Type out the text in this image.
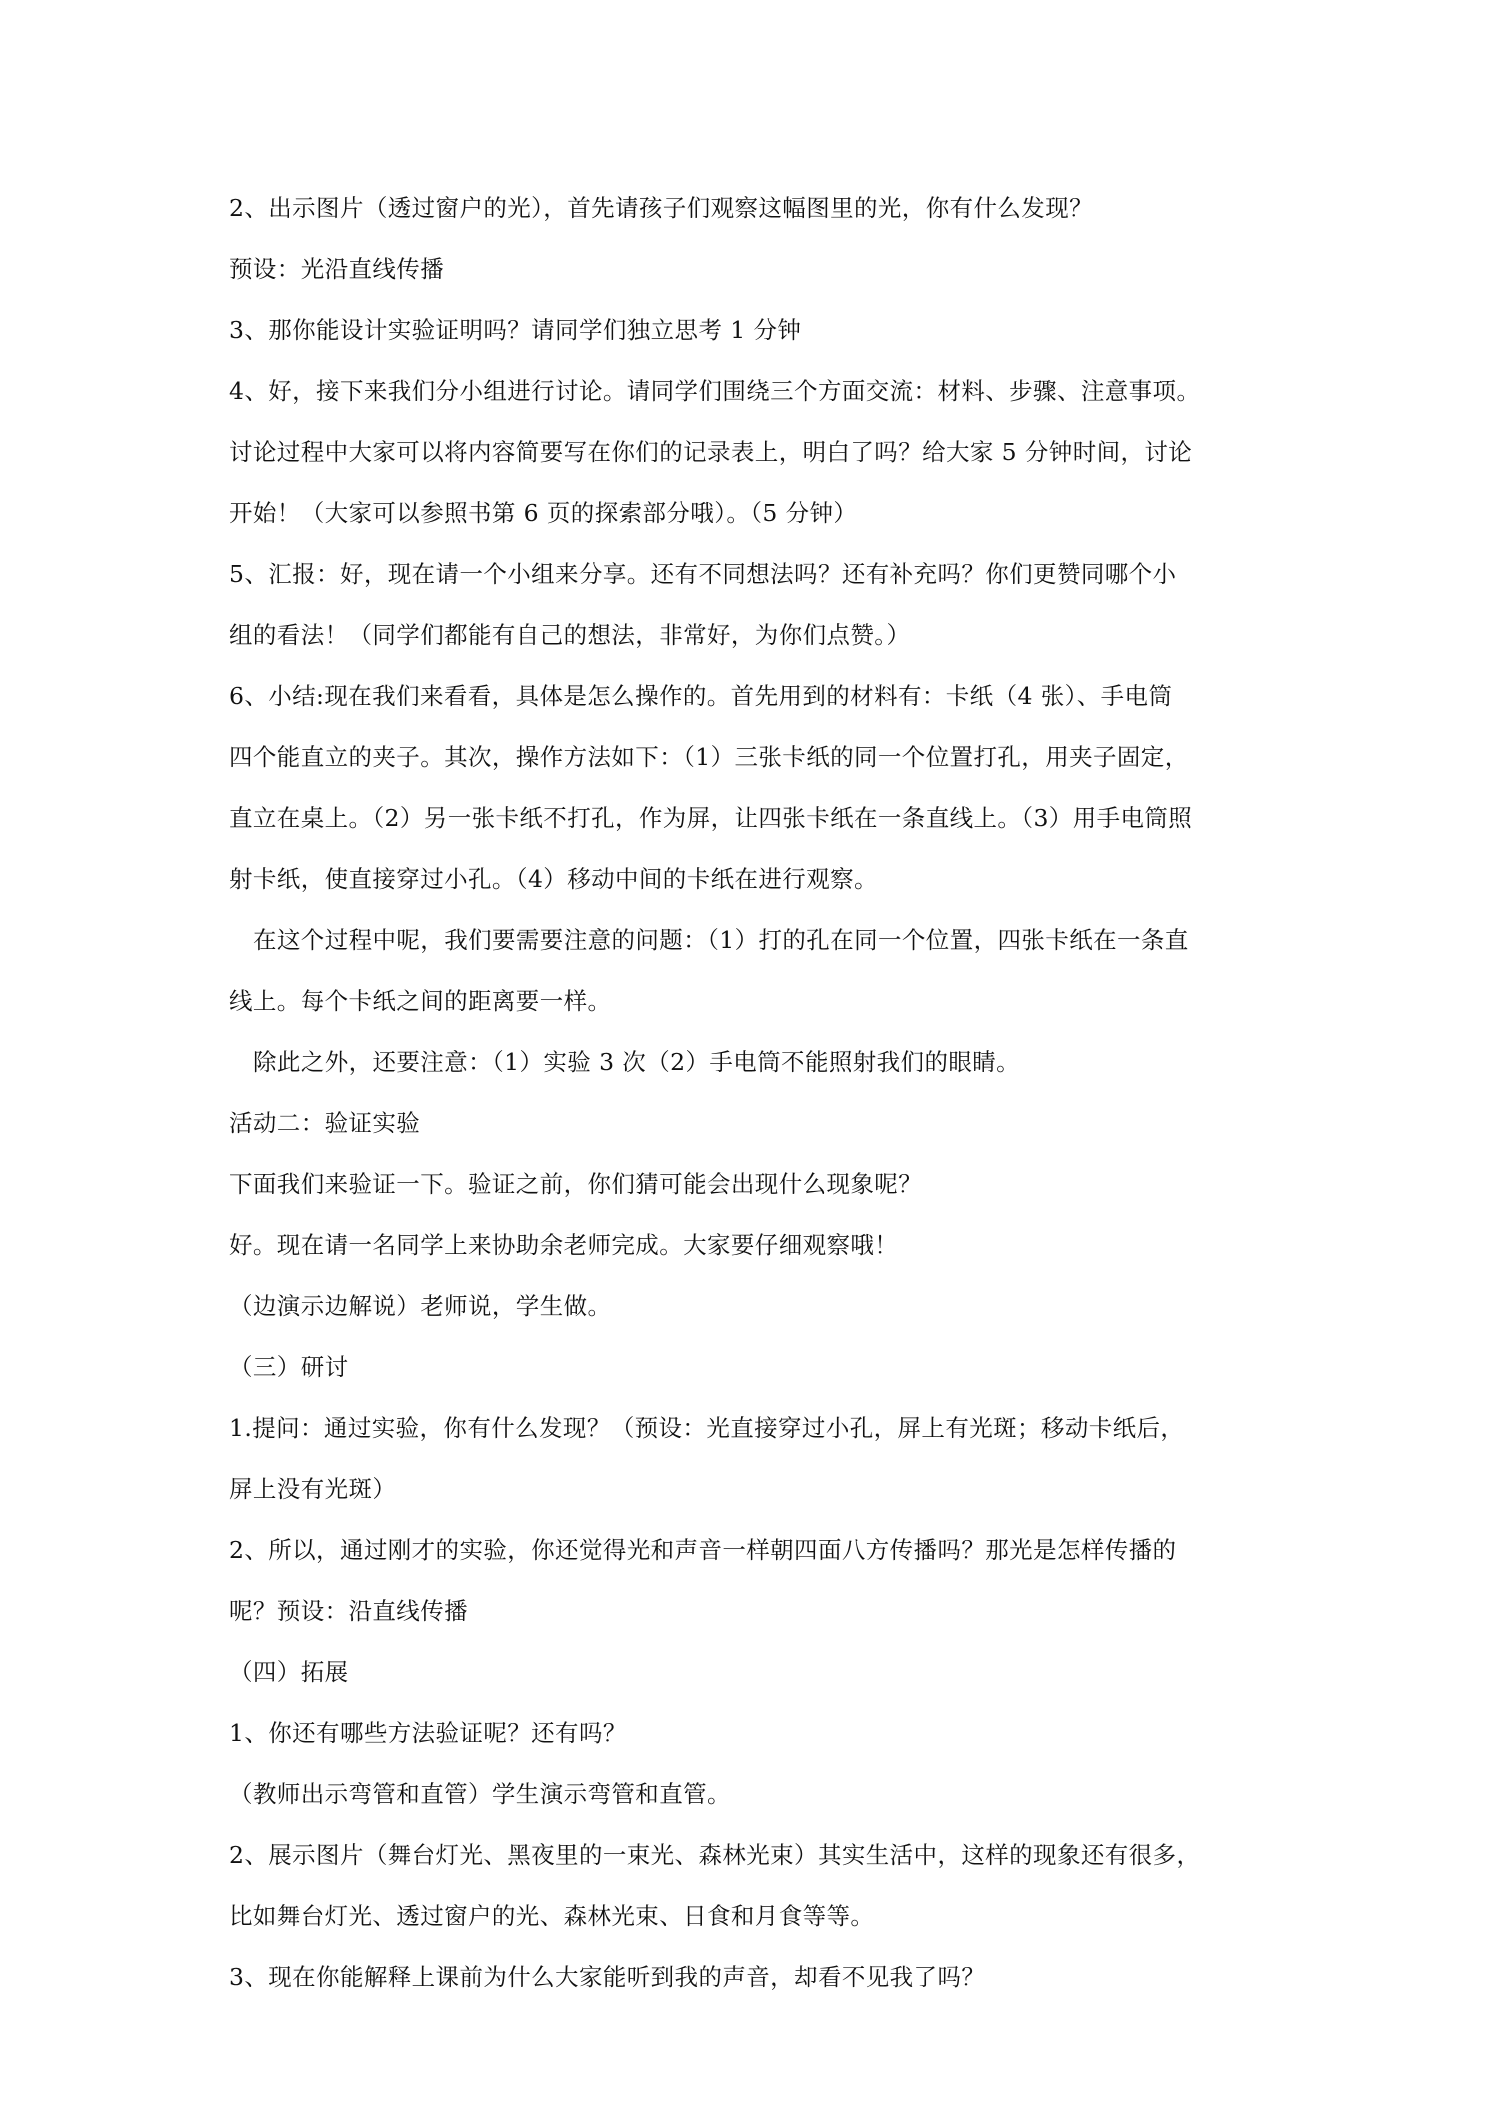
2、出示图片（透过窗户的光），首先请孩子们观察这幅图里的光，你有什么发现？
预设：光沿直线传播
3、那你能设计实验证明吗？请同学们独立思考 1 分钟
4、好，接下来我们分小组进行讨论。请同学们围绕三个方面交流：材料、步骤、注意事项。
讨论过程中大家可以将内容简要写在你们的记录表上，明白了吗？给大家 5 分钟时间，讨论
开始！（大家可以参照书第 6 页的探索部分哦）。（5 分钟）
5、汇报：好，现在请一个小组来分享。还有不同想法吗？还有补充吗？你们更赞同哪个小
组的看法！（同学们都能有自己的想法，非常好，为你们点赞。）
6、小结:现在我们来看看，具体是怎么操作的。首先用到的材料有：卡纸（4 张）、手电筒
四个能直立的夹子。其次，操作方法如下：（1）三张卡纸的同一个位置打孔，用夹子固定，
直立在桌上。（2）另一张卡纸不打孔，作为屏，让四张卡纸在一条直线上。（3）用手电筒照
射卡纸，使直接穿过小孔。（4）移动中间的卡纸在进行观察。
在这个过程中呢，我们要需要注意的问题：（1）打的孔在同一个位置，四张卡纸在一条直
线上。每个卡纸之间的距离要一样。
除此之外，还要注意：（1）实验 3 次（2）手电筒不能照射我们的眼睛。
活动二：验证实验
下面我们来验证一下。验证之前，你们猜可能会出现什么现象呢？
好。现在请一名同学上来协助余老师完成。大家要仔细观察哦！
（边演示边解说）老师说，学生做。
（三）研讨
1.提问：通过实验，你有什么发现？（预设：光直接穿过小孔，屏上有光斑；移动卡纸后，
屏上没有光斑）
2、所以，通过刚才的实验，你还觉得光和声音一样朝四面八方传播吗？那光是怎样传播的
呢？预设：沿直线传播
（四）拓展
1、你还有哪些方法验证呢？还有吗？
（教师出示弯管和直管）学生演示弯管和直管。
2、展示图片（舞台灯光、黑夜里的一束光、森林光束）其实生活中，这样的现象还有很多，
比如舞台灯光、透过窗户的光、森林光束、日食和月食等等。
3、现在你能解释上课前为什么大家能听到我的声音，却看不见我了吗？
